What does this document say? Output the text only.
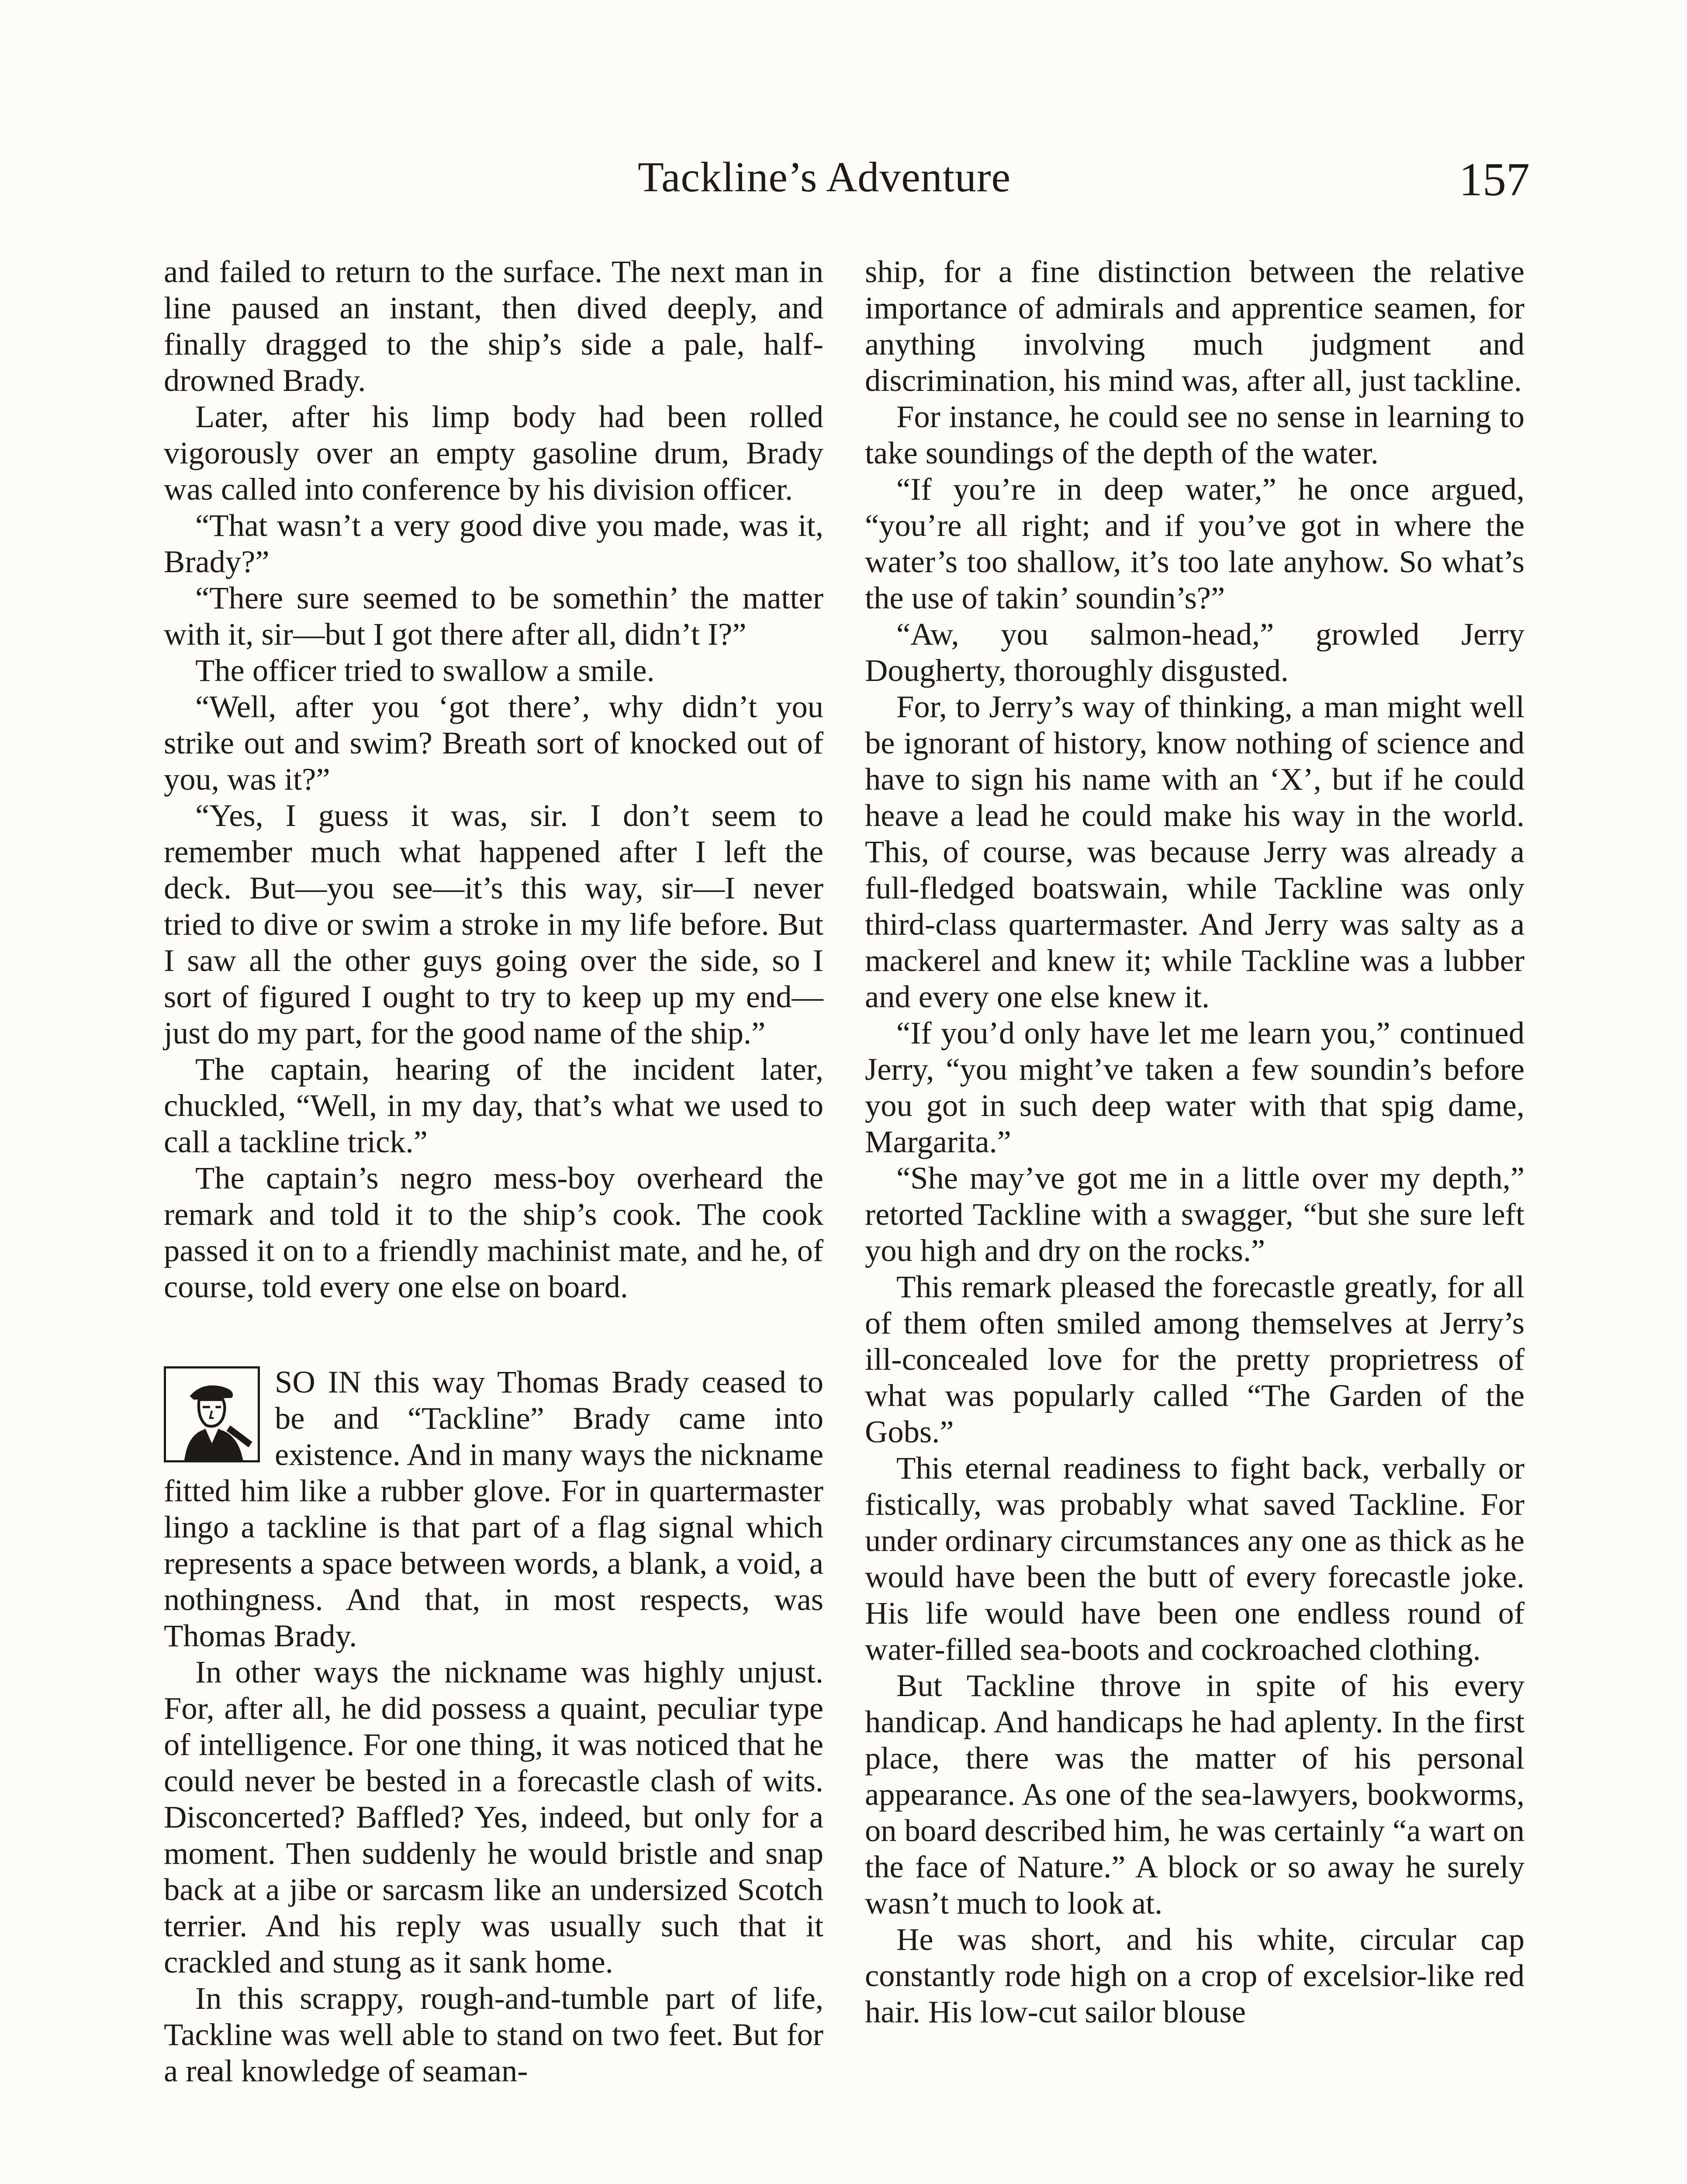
Tackline’s Adventure	157

and failed to return to the surface. The next man in line paused an instant, then dived deeply, and finally dragged to the ship’s side a pale, half-drowned Brady.

Later, after his limp body had been rolled vigorously over an empty gasoline drum, Brady was called into conference by his division officer.

“That wasn’t a very good dive you made, was it, Brady?”

“There sure seemed to be somethin’ the matter with it, sir—but I got there after all, didn’t I?”

The officer tried to swallow a smile.

“Well, after you ‘got there’, why didn’t you strike out and swim? Breath sort of knocked out of you, was it?”

“Yes, I guess it was, sir. I don’t seem to remember much what happened after I left the deck. But—you see—it’s this way, sir—I never tried to dive or swim a stroke in my life before. But I saw all the other guys going over the side, so I sort of figured I ought to try to keep up my end—just do my part, for the good name of the ship.”

The captain, hearing of the incident later, chuckled, “Well, in my day, that’s what we used to call a tackline trick.”

The captain’s negro mess-boy overheard the remark and told it to the ship’s cook. The cook passed it on to a friendly machinist mate, and he, of course, told every one else on board.

SO IN this way Thomas Brady ceased to be and “Tackline” Brady came into existence. And in many ways the nickname fitted him like a rubber glove. For in quartermaster lingo a tackline is that part of a flag signal which represents a space between words, a blank, a void, a nothingness. And that, in most respects, was Thomas Brady.

In other ways the nickname was highly unjust. For, after all, he did possess a quaint, peculiar type of intelligence. For one thing, it was noticed that he could never be bested in a forecastle clash of wits. Disconcerted? Baffled? Yes, indeed, but only for a moment. Then suddenly he would bristle and snap back at a jibe or sarcasm like an undersized Scotch terrier. And his reply was usually such that it crackled and stung as it sank home.

In this scrappy, rough-and-tumble part of life, Tackline was well able to stand on two feet. But for a real knowledge of seaman-

ship, for a fine distinction between the relative importance of admirals and apprentice seamen, for anything involving much judgment and discrimination, his mind was, after all, just tackline.

For instance, he could see no sense in learning to take soundings of the depth of the water.

“If you’re in deep water,” he once argued, “you’re all right; and if you’ve got in where the water’s too shallow, it’s too late anyhow. So what’s the use of takin’ soundin’s?”

“Aw, you salmon-head,” growled Jerry Dougherty, thoroughly disgusted.

For, to Jerry’s way of thinking, a man might well be ignorant of history, know nothing of science and have to sign his name with an ‘X’, but if he could heave a lead he could make his way in the world. This, of course, was because Jerry was already a full-fledged boatswain, while Tackline was only third-class quartermaster. And Jerry was salty as a mackerel and knew it; while Tackline was a lubber and every one else knew it.

“If you’d only have let me learn you,” continued Jerry, “you might’ve taken a few soundin’s before you got in such deep water with that spig dame, Margarita.”

“She may’ve got me in a little over my depth,” retorted Tackline with a swagger, “but she sure left you high and dry on the rocks.”

This remark pleased the forecastle greatly, for all of them often smiled among themselves at Jerry’s ill-concealed love for the pretty proprietress of what was popularly called “The Garden of the Gobs.”

This eternal readiness to fight back, verbally or fistically, was probably what saved Tackline. For under ordinary circumstances any one as thick as he would have been the butt of every forecastle joke. His life would have been one endless round of water-filled sea-boots and cockroached clothing.

But Tackline throve in spite of his every handicap. And handicaps he had aplenty. In the first place, there was the matter of his personal appearance. As one of the sea-lawyers, bookworms, on board described him, he was certainly “a wart on the face of Nature.” A block or so away he surely wasn’t much to look at.

He was short, and his white, circular cap constantly rode high on a crop of excelsior-like red hair. His low-cut sailor blouse
